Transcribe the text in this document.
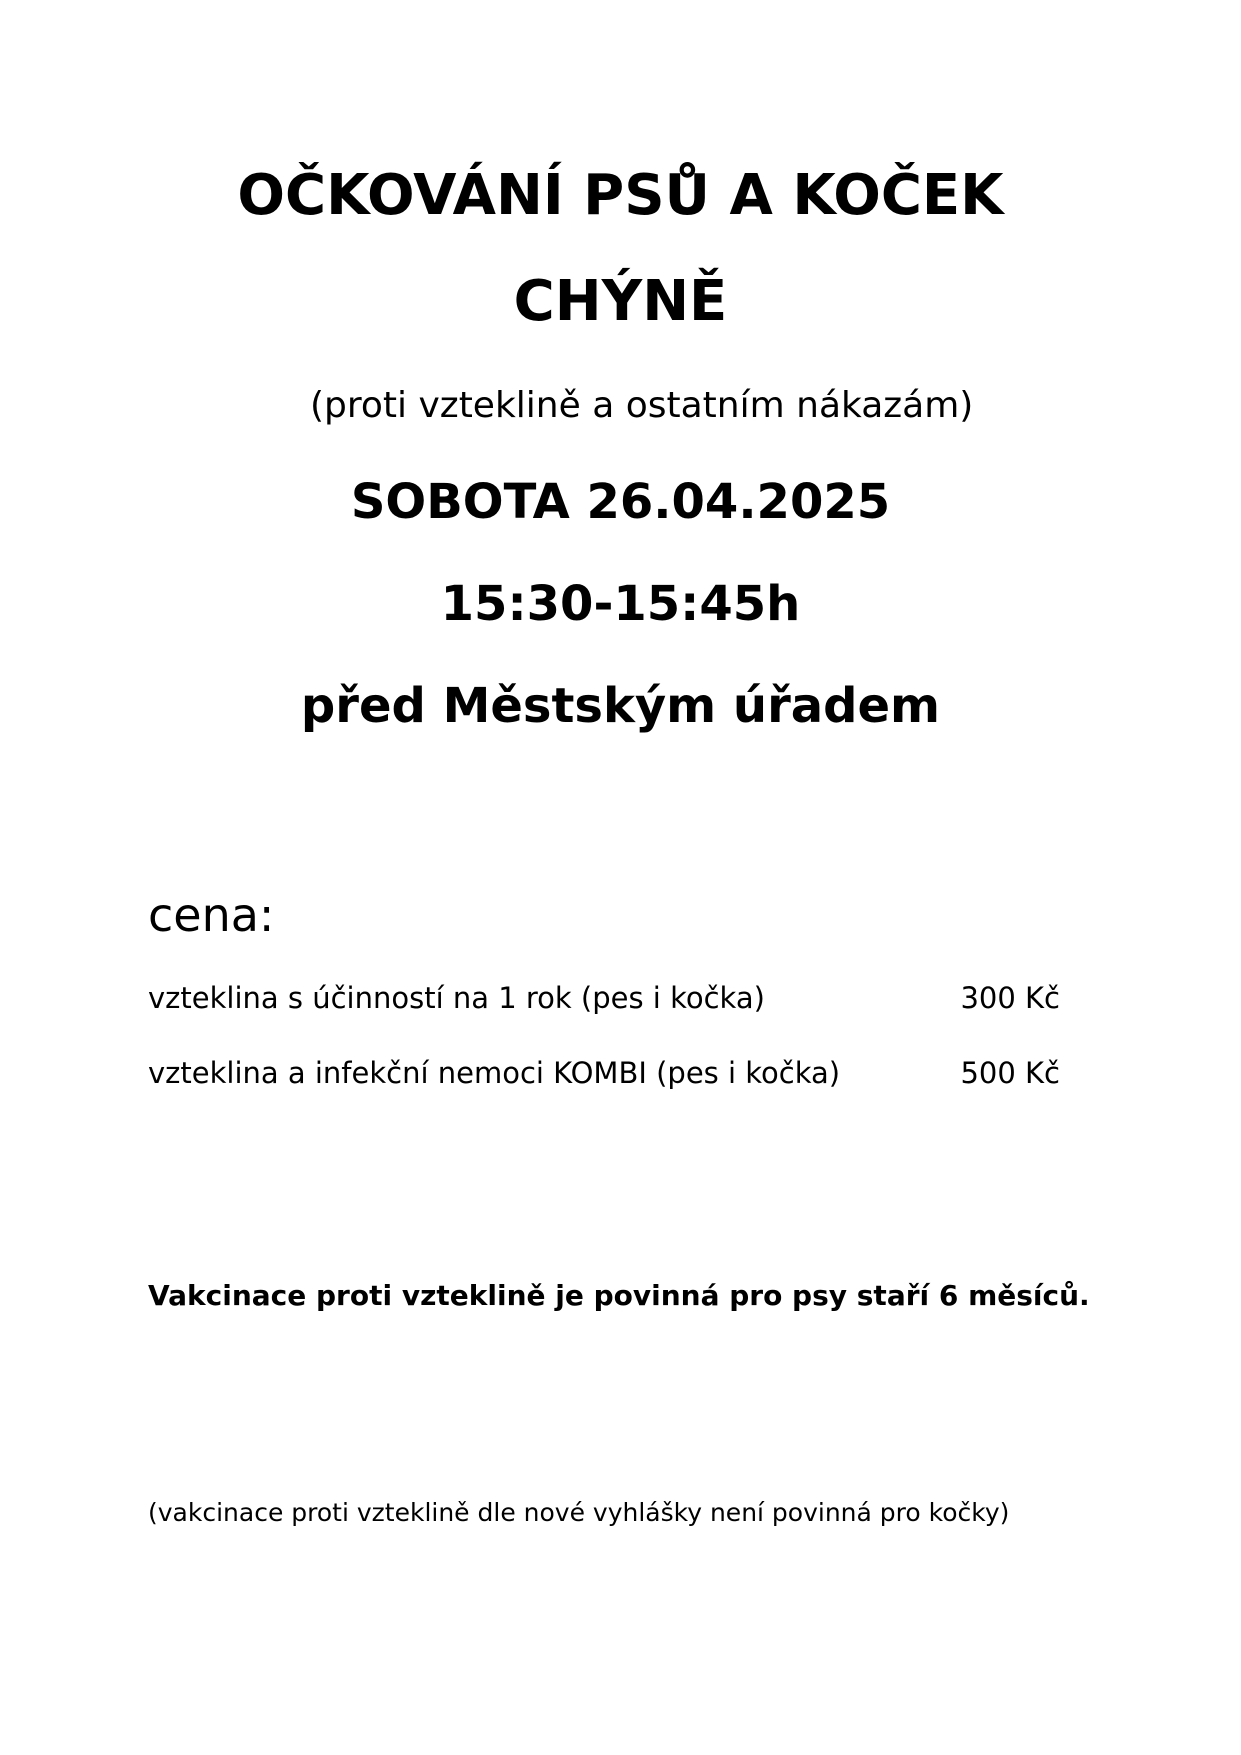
OČKOVÁNÍ PSŮ A KOČEK
CHÝNĚ
(proti vzteklině a ostatním nákazám)
SOBOTA 26.04.2025
15:30-15:45h
před Městským úřadem
cena:
vzteklina s účinností na 1 rok (pes i kočka)	300 Kč
vzteklina a infekční nemoci KOMBI (pes i kočka)	500 Kč
Vakcinace proti vzteklině je povinná pro psy staří 6 měsíců.
(vakcinace proti vzteklině dle nové vyhlášky není povinná pro kočky)
